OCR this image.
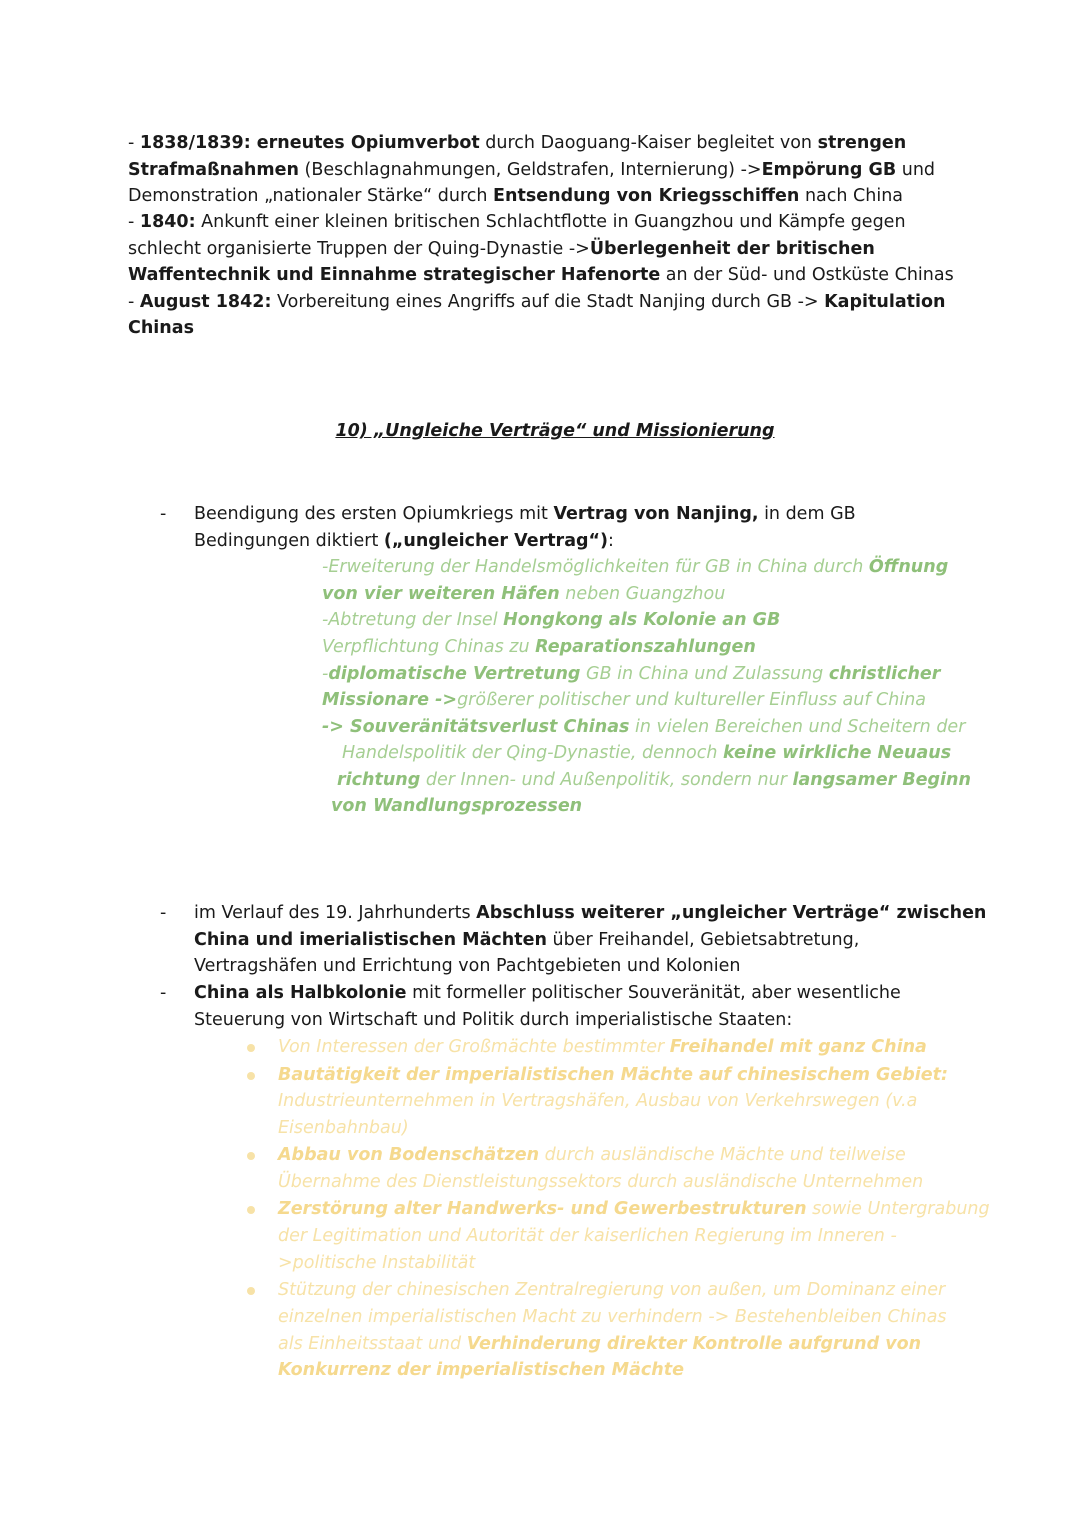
- 1838/1839: erneutes Opiumverbot durch Daoguang-Kaiser begleitet von strengen
Strafmaßnahmen (Beschlagnahmungen, Geldstrafen, Internierung) ->Empörung GB und
Demonstration „nationaler Stärke“ durch Entsendung von Kriegsschiffen nach China
- 1840: Ankunft einer kleinen britischen Schlachtflotte in Guangzhou und Kämpfe gegen
schlecht organisierte Truppen der Quing-Dynastie ->Überlegenheit der britischen
Waffentechnik und Einnahme strategischer Hafenorte an der Süd- und Ostküste Chinas
- August 1842: Vorbereitung eines Angriffs auf die Stadt Nanjing durch GB -> Kapitulation
Chinas
10) „Ungleiche Verträge“ und Missionierung
- Beendigung des ersten Opiumkriegs mit Vertrag von Nanjing, in dem GB
Bedingungen diktiert („ungleicher Vertrag“):
-Erweiterung der Handelsmöglichkeiten für GB in China durch Öffnung
von vier weiteren Häfen neben Guangzhou
-Abtretung der Insel Hongkong als Kolonie an GB
Verpflichtung Chinas zu Reparationszahlungen
-diplomatische Vertretung GB in China und Zulassung christlicher
Missionare ->größerer politischer und kultureller Einfluss auf China
-> Souveränitätsverlust Chinas in vielen Bereichen und Scheitern der
Handelspolitik der Qing-Dynastie, dennoch keine wirkliche Neuaus
richtung der Innen- und Außenpolitik, sondern nur langsamer Beginn
von Wandlungsprozessen
- im Verlauf des 19. Jahrhunderts Abschluss weiterer „ungleicher Verträge“ zwischen
China und imerialistischen Mächten über Freihandel, Gebietsabtretung,
Vertragshäfen und Errichtung von Pachtgebieten und Kolonien
- China als Halbkolonie mit formeller politischer Souveränität, aber wesentliche
Steuerung von Wirtschaft und Politik durch imperialistische Staaten:
Von Interessen der Großmächte bestimmter Freihandel mit ganz China
Bautätigkeit der imperialistischen Mächte auf chinesischem Gebiet:
Industrieunternehmen in Vertragshäfen, Ausbau von Verkehrswegen (v.a
Eisenbahnbau)
Abbau von Bodenschätzen durch ausländische Mächte und teilweise
Übernahme des Dienstleistungssektors durch ausländische Unternehmen
Zerstörung alter Handwerks- und Gewerbestrukturen sowie Untergrabung
der Legitimation und Autorität der kaiserlichen Regierung im Inneren -
>politische Instabilität
Stützung der chinesischen Zentralregierung von außen, um Dominanz einer
einzelnen imperialistischen Macht zu verhindern -> Bestehenbleiben Chinas
als Einheitsstaat und Verhinderung direkter Kontrolle aufgrund von
Konkurrenz der imperialistischen Mächte
